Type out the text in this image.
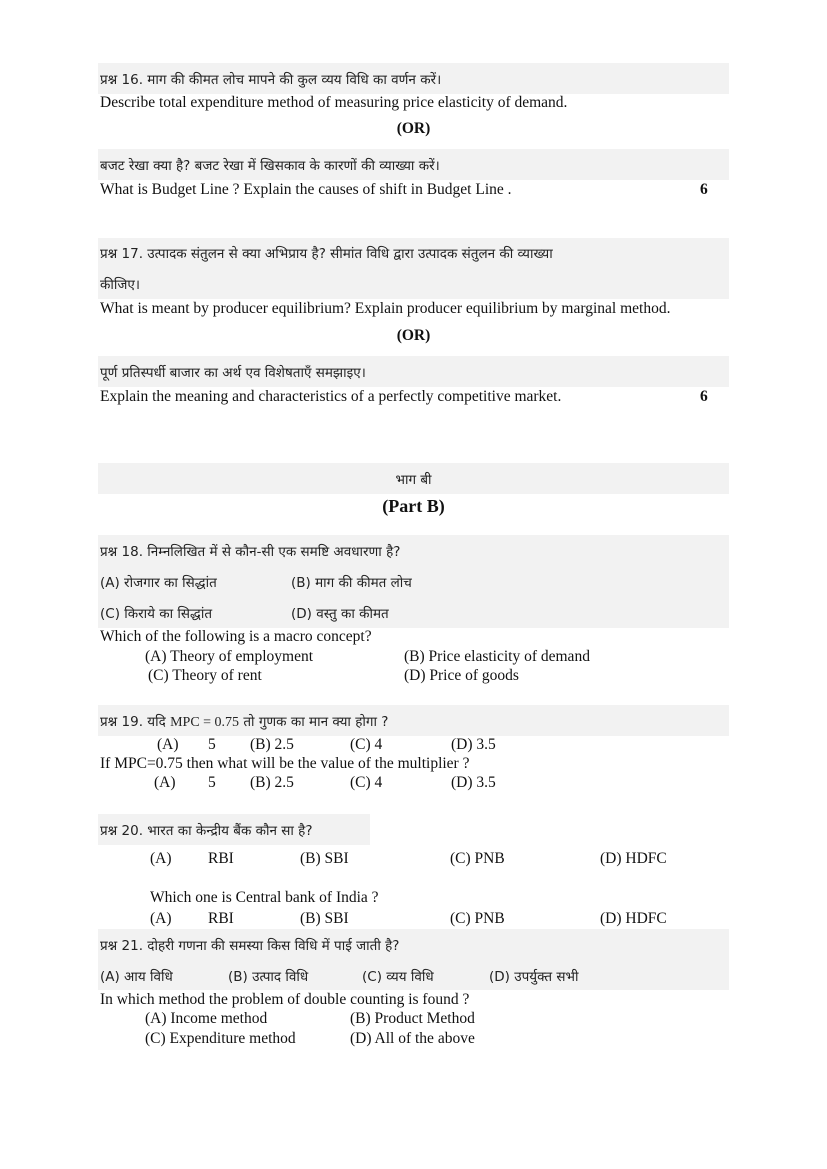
प्रश्न 16. माग की कीमत लोच मापने की कुल व्यय विधि का वर्णन करें।
Describe total expenditure method of measuring price elasticity of demand.
(OR)
बजट रेखा क्या है? बजट रेखा में खिसकाव के कारणों की व्याख्या करें।
What is Budget Line ? Explain the causes of shift in Budget Line .	6
प्रश्न 17. उत्पादक संतुलन से क्या अभिप्राय है? सीमांत विधि द्वारा उत्पादक संतुलन की व्याख्या
कीजिए।
What is meant by producer equilibrium? Explain producer equilibrium by marginal method.
(OR)
पूर्ण प्रतिस्पर्धी बाजार का अर्थ एव विशेषताएँ समझाइए।
Explain the meaning and characteristics of a perfectly competitive market.	6
भाग बी
(Part B)
प्रश्न 18. निम्नलिखित में से कौन-सी एक समष्टि अवधारणा है?
(A) रोजगार का सिद्धांत	(B) माग की कीमत लोच
(C) किराये का सिद्धांत	(D) वस्तु का कीमत
Which of the following is a macro concept?
(A) Theory of employment	(B) Price elasticity of demand
(C) Theory of rent	(D) Price of goods
प्रश्न 19. यदि MPC = 0.75 तो गुणक का मान क्या होगा ?
(A) 5 (B) 2.5	(C) 4	(D) 3.5
If MPC=0.75 then what will be the value of the multiplier ?
(A) 5 (B) 2.5	(C) 4	(D) 3.5
प्रश्न 20. भारत का केन्द्रीय बैंक कौन सा है?
(A) RBI	(B) SBI	(C) PNB	(D) HDFC
Which one is Central bank of India ?
(A) RBI	(B) SBI	(C) PNB	(D) HDFC
प्रश्न 21. दोहरी गणना की समस्या किस विधि में पाई जाती है?
(A) आय विधि	(B) उत्पाद विधि	(C) व्यय विधि	(D) उपर्युक्त सभी
In which method the problem of double counting is found ?
(A) Income method	(B) Product Method
(C) Expenditure method	(D) All of the above
